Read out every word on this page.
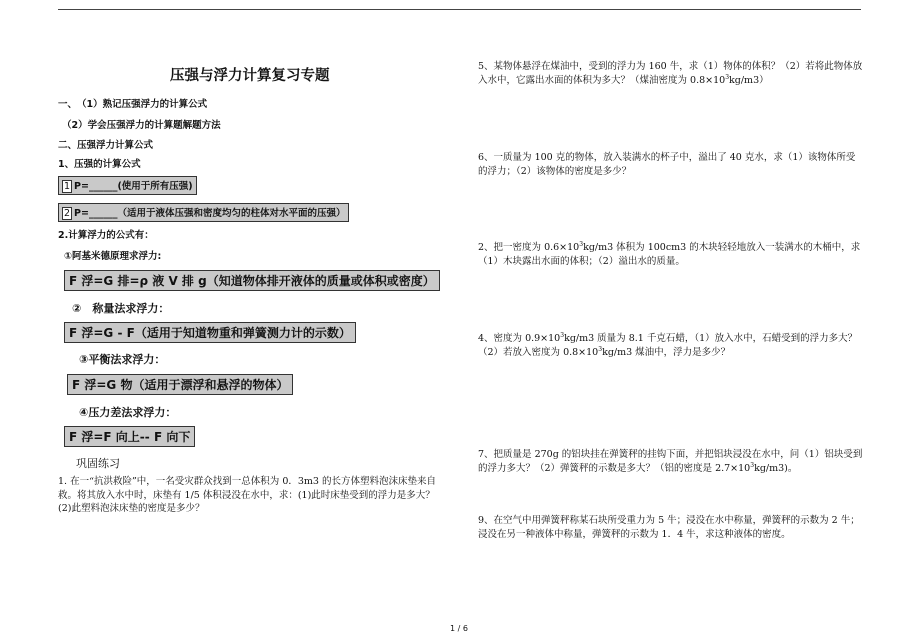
压强与浮力计算复习专题
一、　（1）熟记压强浮力的计算公式
（2）学会压强浮力的计算题解题方法
二、压强浮力计算公式
1、压强的计算公式
1 P=______(使用于所有压强)
2 P=______（适用于液体压强和密度均匀的柱体对水平面的压强）
2.计算浮力的公式有：
①阿基米德原理求浮力:
F 浮=G 排=ρ 液 V 排 g（知道物体排开液体的质量或体积或密度）
②　称量法求浮力：
F 浮=G - F（适用于知道物重和弹簧测力计的示数）
③平衡法求浮力：
F 浮=G 物（适用于漂浮和悬浮的物体）
④压力差法求浮力：
F 浮=F 向上-- F 向下
巩固练习
1. 在一“抗洪救险”中，一名受灾群众找到一总体积为 0．3m3 的长方体塑料泡沫床垫来自救。将其放入水中时，床垫有 1/5 体积浸没在水中，求：(1)此时床垫受到的浮力是多大？ (2)此塑料泡沫床垫的密度是多少？
5、某物体悬浮在煤油中，受到的浮力为 160 牛，求（1）物体的体积？（2）若将此物体放入水中，它露出水面的体积为多大？（煤油密度为 $0.8\times 10^3kg/m3$）
6、一质量为 100 克的物体，放入装满水的杯子中，溢出了 40 克水，求（1）该物体所受的浮力；（2）该物体的密度是多少？
2、把一密度为 $0.6\times 10^3kg/m3$ 体积为 100cm3 的木块轻轻地放入一装满水的木桶中，求（1）木块露出水面的体积；（2）溢出水的质量。
4、密度为 $0.9\times 10^3kg/m3$ 质量为 8.1 千克石蜡，（1）放入水中，石蜡受到的浮力多大？（2）若放入密度为 $0.8\times 10^3kg/m3$ 煤油中，浮力是多少？
7、把质量是 270g 的铝块挂在弹簧秤的挂钩下面，并把铝块浸没在水中，问（1）铝块受到的浮力多大？（2）弹簧秤的示数是多大？（铝的密度是 $2.7\times 10^3kg/m3$)。
9、在空气中用弹簧秤称某石块所受重力为 5 牛；浸没在水中称量，弹簧秤的示数为 2 牛；浸没在另一种液体中称量，弹簧秤的示数为 1．4 牛，求这种液体的密度。
1 / 6
